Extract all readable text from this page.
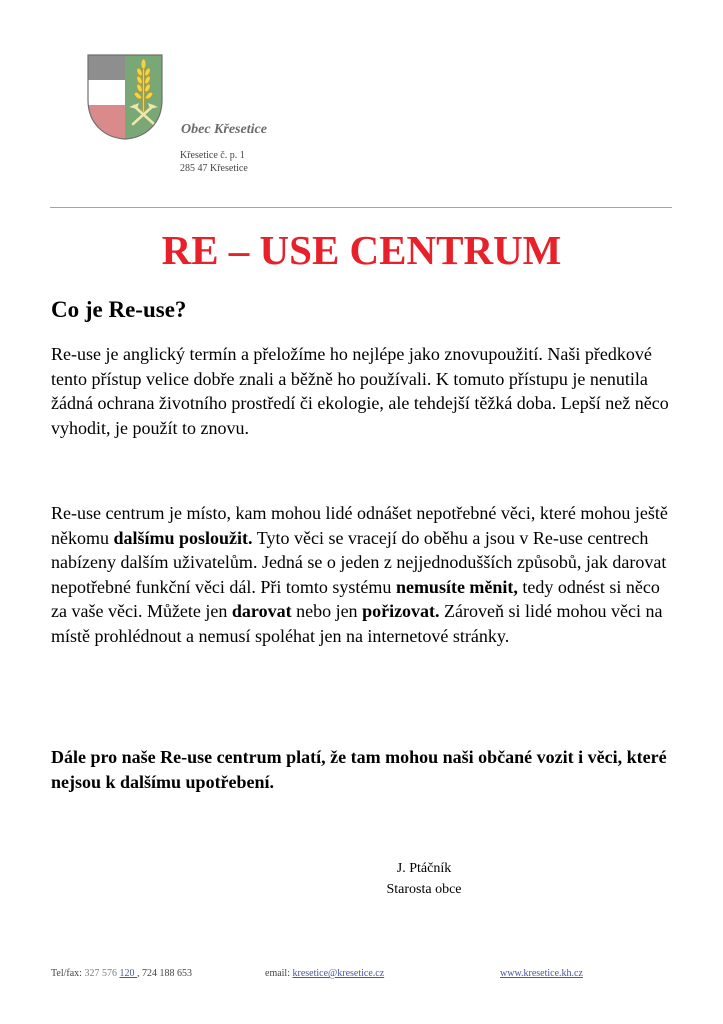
Obec Křesetice
Křesetice č. p. 1
285 47 Křesetice
RE – USE CENTRUM
Co je Re-use?

Re-use je anglický termín a přeložíme ho nejlépe jako znovupoužití. Naši předkové tento přístup velice dobře znali a běžně ho používali. K tomuto přístupu je nenutila žádná ochrana životního prostředí či ekologie, ale tehdejší těžká doba. Lepší než něco vyhodit, je použít to znovu.

Re-use centrum je místo, kam mohou lidé odnášet nepotřebné věci, které mohou ještě někomu dalšímu posloužit. Tyto věci se vracejí do oběhu a jsou v Re-use centrech nabízeny dalším uživatelům. Jedná se o jeden z nejjednodušších způsobů, jak darovat nepotřebné funkční věci dál. Při tomto systému nemusíte měnit, tedy odnést si něco za vaše věci. Můžete jen darovat nebo jen pořizovat. Zároveň si lidé mohou věci na místě prohlédnout a nemusí spoléhat jen na internetové stránky.

Dále pro naše Re-use centrum platí, že tam mohou naši občané vozit i věci, které nejsou k dalšímu upotřebení.

J. Ptáčník
Starosta obce
Tel/fax: 327 576 120 , 724 188 653	email: kresetice@kresetice.cz	www.kresetice.kh.cz
